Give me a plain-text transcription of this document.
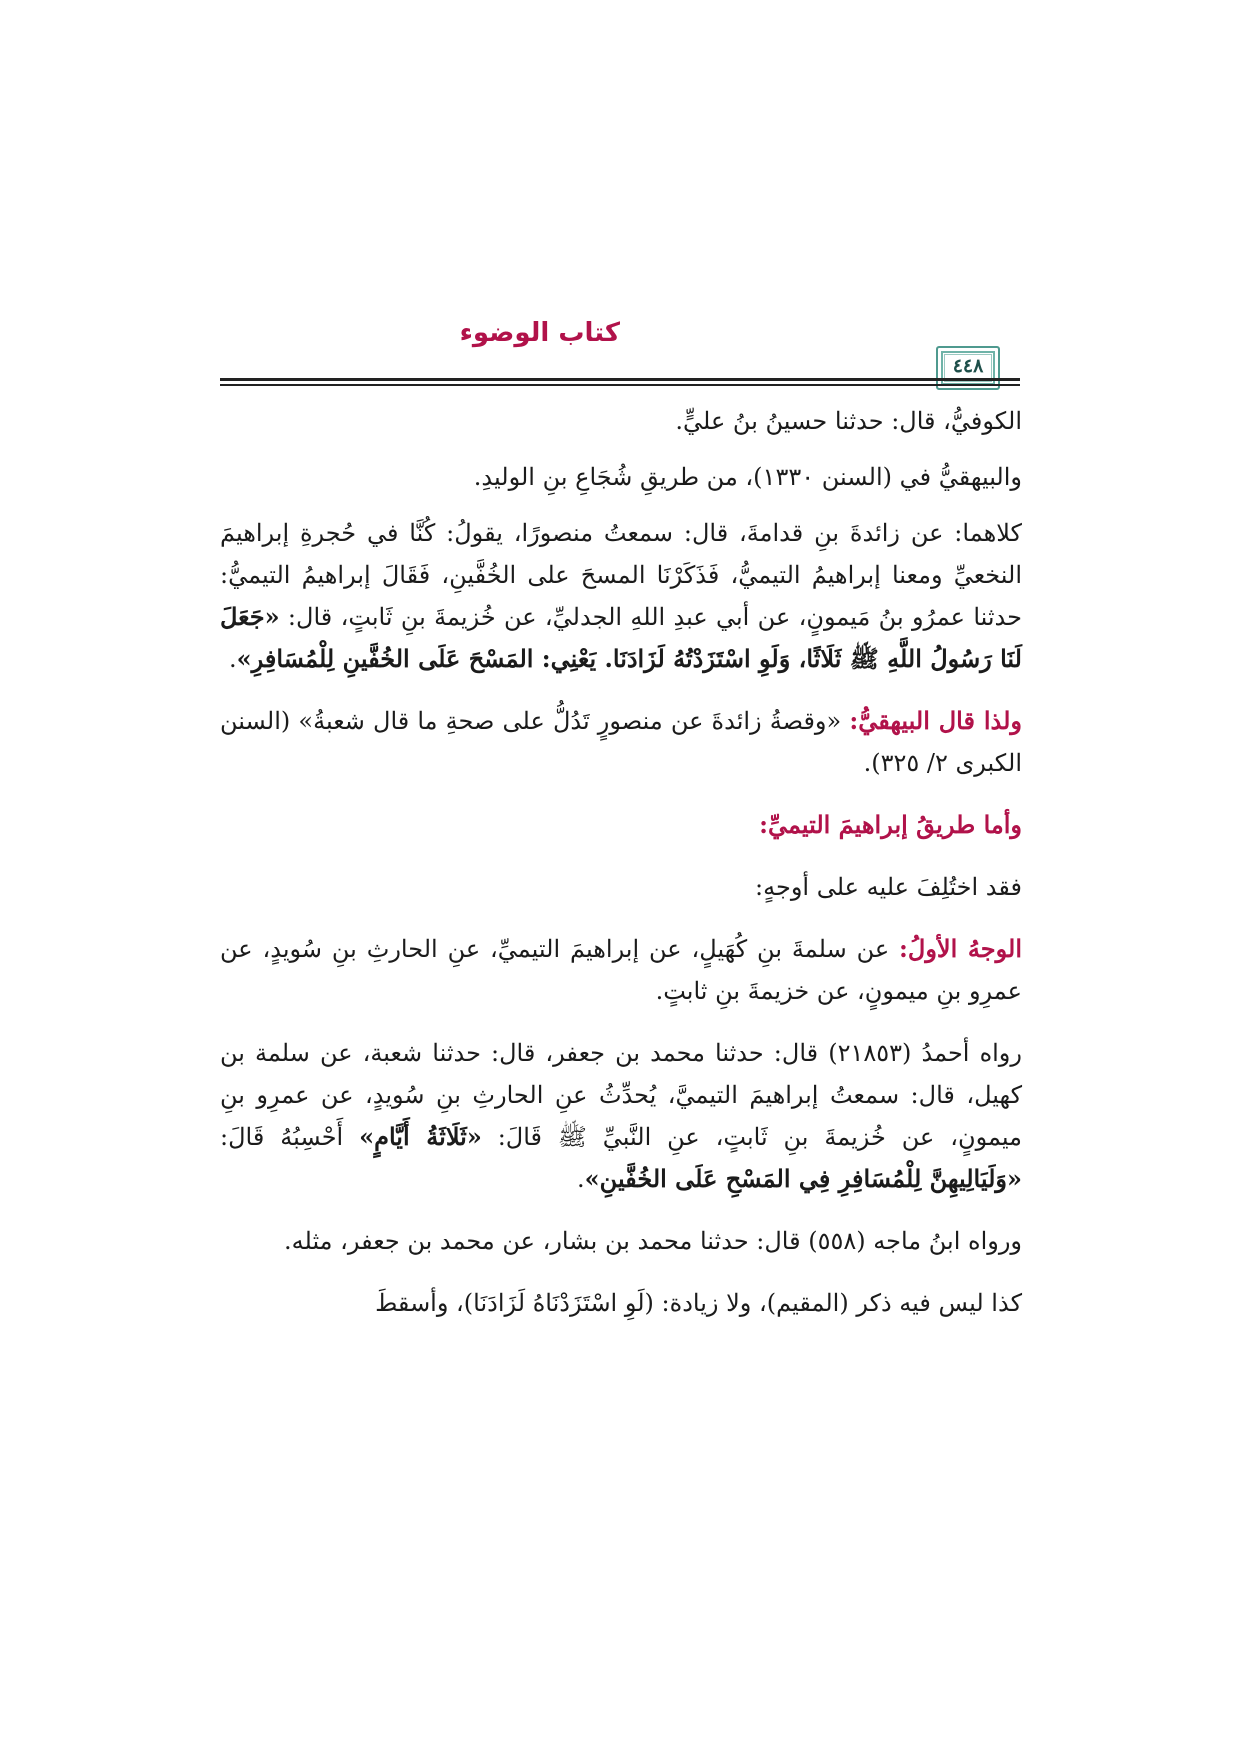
كتاب الوضوء
٤٤٨

الكوفيُّ، قال: حدثنا حسينُ بنُ عليٍّ.

والبيهقيُّ في (السنن ١٣٣٠)، من طريقِ شُجَاعِ بنِ الوليدِ.

كلاهما: عن زائدةَ بنِ قدامةَ، قال: سمعتُ منصورًا، يقولُ: كُنَّا في حُجرةِ إبراهيمَ النخعيِّ ومعنا إبراهيمُ التيميُّ، فَذَكَرْنَا المسحَ على الخُفَّينِ، فَقَالَ إبراهيمُ التيميُّ: حدثنا عمرُو بنُ مَيمونٍ، عن أبي عبدِ اللهِ الجدليِّ، عن خُزيمةَ بنِ ثَابتٍ، قال: «جَعَلَ لَنَا رَسُولُ اللَّهِ ﷺ ثَلَاثًا، وَلَوِ اسْتَزَدْتُهُ لَزَادَنَا. يَعْنِي: المَسْحَ عَلَى الخُفَّينِ لِلْمُسَافِرِ».

ولذا قال البيهقيُّ: «وقصةُ زائدةَ عن منصورٍ تَدُلُّ على صحةِ ما قال شعبةُ» (السنن الكبرى ٢/ ٣٢٥).

وأما طريقُ إبراهيمَ التيميِّ:

فقد اختُلِفَ عليه على أوجهٍ:

الوجهُ الأولُ: عن سلمةَ بنِ كُهَيلٍ، عن إبراهيمَ التيميِّ، عنِ الحارثِ بنِ سُويدٍ، عن عمرِو بنِ ميمونٍ، عن خزيمةَ بنِ ثابتٍ.

رواه أحمدُ (٢١٨٥٣) قال: حدثنا محمد بن جعفر، قال: حدثنا شعبة، عن سلمة بن كهيل، قال: سمعتُ إبراهيمَ التيميَّ، يُحدِّثُ عنِ الحارثِ بنِ سُويدٍ، عن عمرِو بنِ ميمونٍ، عن خُزيمةَ بنِ ثَابتٍ، عنِ النَّبيِّ ﷺ قَالَ: «ثَلَاثَةُ أَيَّامٍ» أَحْسِبُهُ قَالَ: «وَلَيَالِيهِنَّ لِلْمُسَافِرِ فِي المَسْحِ عَلَى الخُفَّينِ».

ورواه ابنُ ماجه (٥٥٨) قال: حدثنا محمد بن بشار، عن محمد بن جعفر، مثله.

كذا ليس فيه ذكر (المقيم)، ولا زيادة: (لَوِ اسْتَزَدْنَاهُ لَزَادَنَا)، وأسقطَ
